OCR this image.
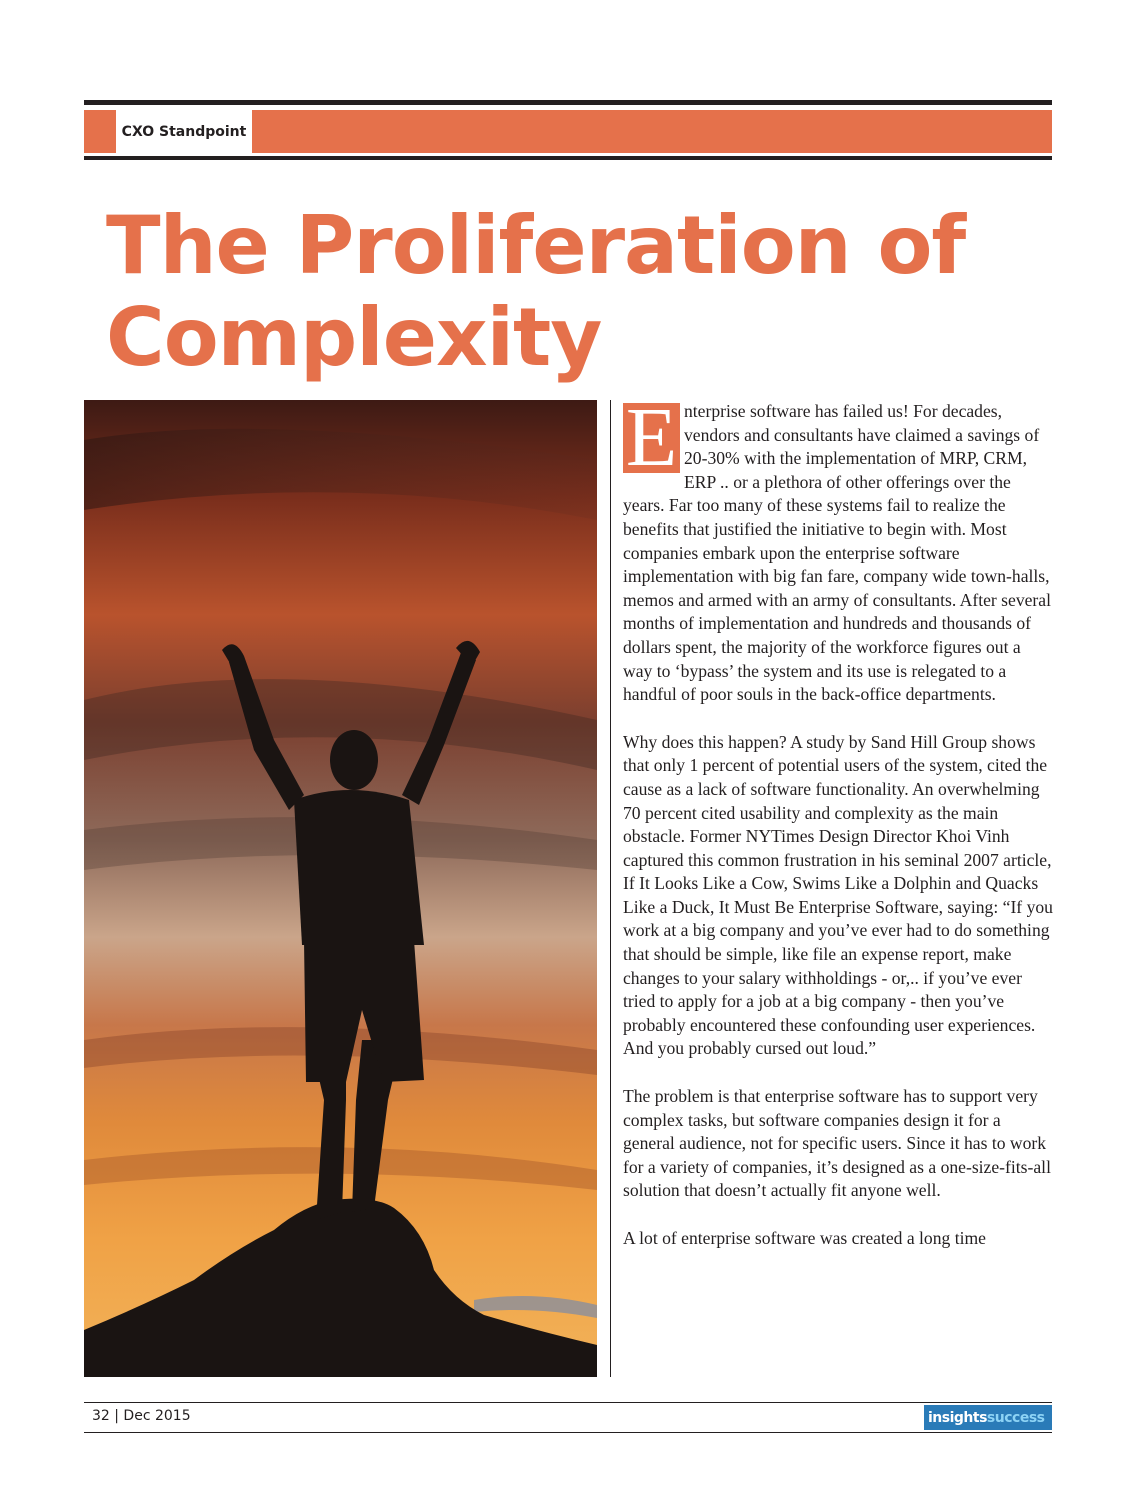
CXO Standpoint
The Proliferation of
Complexity

E nterprise software has failed us! For decades, vendors and consultants have claimed a savings of 20-30% with the implementation of MRP, CRM, ERP .. or a plethora of other offerings over the years. Far too many of these systems fail to realize the benefits that justified the initiative to begin with. Most companies embark upon the enterprise software implementation with big fan fare, company wide town-halls, memos and armed with an army of consultants. After several months of implementation and hundreds and thousands of dollars spent, the majority of the workforce figures out a way to ‘bypass’ the system and its use is relegated to a handful of poor souls in the back-office departments.

Why does this happen? A study by Sand Hill Group shows that only 1 percent of potential users of the system, cited the cause as a lack of software functionality. An overwhelming 70 percent cited usability and complexity as the main obstacle. Former NYTimes Design Director Khoi Vinh captured this common frustration in his seminal 2007 article, If It Looks Like a Cow, Swims Like a Dolphin and Quacks Like a Duck, It Must Be Enterprise Software, saying: “If you work at a big company and you’ve ever had to do something that should be simple, like file an expense report, make changes to your salary withholdings - or,.. if you’ve ever tried to apply for a job at a big company - then you’ve probably encountered these confounding user experiences. And you probably cursed out loud.”

The problem is that enterprise software has to support very complex tasks, but software companies design it for a general audience, not for specific users. Since it has to work for a variety of companies, it’s designed as a one-size-fits-all solution that doesn’t actually fit anyone well.

A lot of enterprise software was created a long time

32 | Dec 2015	insights success
